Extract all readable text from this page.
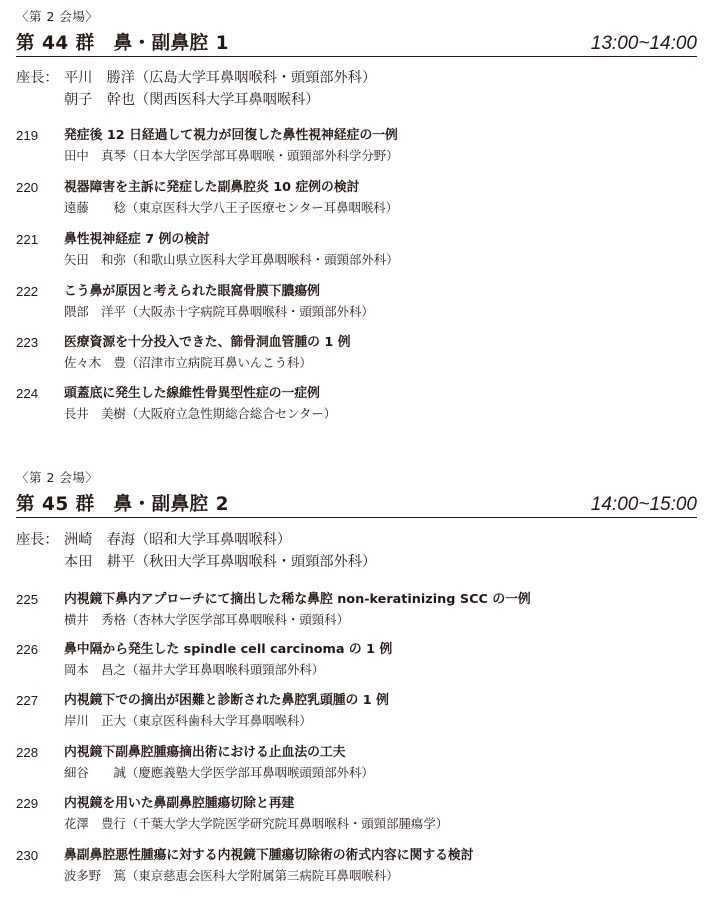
〈第 2 会場〉
第 44 群　鼻・副鼻腔 1	13:00~14:00
座長： 平川　勝洋（広島大学耳鼻咽喉科・頭頸部外科）
朝子　幹也（関西医科大学耳鼻咽喉科）
219 発症後 12 日経過して視力が回復した鼻性視神経症の一例
田中　真琴（日本大学医学部耳鼻咽喉・頭頸部外科学分野）
220 視器障害を主訴に発症した副鼻腔炎 10 症例の検討
遠藤　　稔（東京医科大学八王子医療センター耳鼻咽喉科）
221 鼻性視神経症 7 例の検討
矢田　和弥（和歌山県立医科大学耳鼻咽喉科・頭頸部外科）
222 こう鼻が原因と考えられた眼窩骨膜下膿瘍例
隈部　洋平（大阪赤十字病院耳鼻咽喉科・頭頸部外科）
223 医療資源を十分投入できた、篩骨洞血管腫の 1 例
佐々木　豊（沼津市立病院耳鼻いんこう科）
224 頭蓋底に発生した線維性骨異型性症の一症例
長井　美樹（大阪府立急性期総合総合センター）
〈第 2 会場〉
第 45 群　鼻・副鼻腔 2	14:00~15:00
座長： 洲崎　春海（昭和大学耳鼻咽喉科）
本田　耕平（秋田大学耳鼻咽喉科・頭頸部外科）
225 内視鏡下鼻内アプローチにて摘出した稀な鼻腔 non-keratinizing SCC の一例
横井　秀格（杏林大学医学部耳鼻咽喉科・頭頸科）
226 鼻中隔から発生した spindle cell carcinoma の 1 例
岡本　昌之（福井大学耳鼻咽喉科頭頸部外科）
227 内視鏡下での摘出が困難と診断された鼻腔乳頭腫の 1 例
岸川　正大（東京医科歯科大学耳鼻咽喉科）
228 内視鏡下副鼻腔腫瘍摘出術における止血法の工夫
細谷　　誠（慶應義塾大学医学部耳鼻咽喉頭頸部外科）
229 内視鏡を用いた鼻副鼻腔腫瘍切除と再建
花澤　豊行（千葉大学大学院医学研究院耳鼻咽喉科・頭頸部腫瘍学）
230 鼻副鼻腔悪性腫瘍に対する内視鏡下腫瘍切除術の術式内容に関する検討
波多野　篤（東京慈恵会医科大学附属第三病院耳鼻咽喉科）
